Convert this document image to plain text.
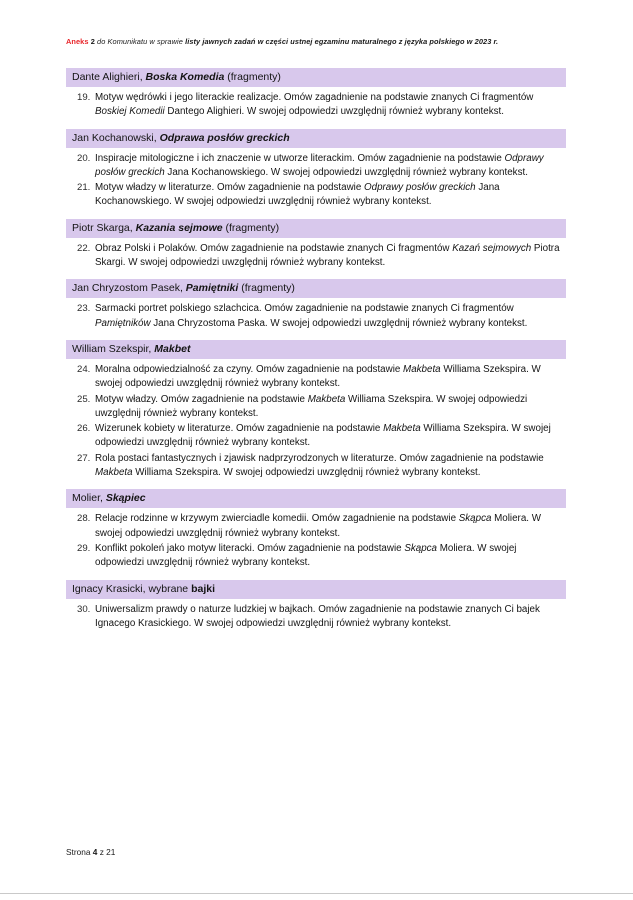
Aneks 2 do Komunikatu w sprawie listy jawnych zadań w części ustnej egzaminu maturalnego z języka polskiego w 2023 r.
Dante Alighieri, Boska Komedia (fragmenty)
19. Motyw wędrówki i jego literackie realizacje. Omów zagadnienie na podstawie znanych Ci fragmentów Boskiej Komedii Dantego Alighieri. W swojej odpowiedzi uwzględnij również wybrany kontekst.
Jan Kochanowski, Odprawa posłów greckich
20. Inspiracje mitologiczne i ich znaczenie w utworze literackim. Omów zagadnienie na podstawie Odprawy posłów greckich Jana Kochanowskiego. W swojej odpowiedzi uwzględnij również wybrany kontekst.
21. Motyw władzy w literaturze. Omów zagadnienie na podstawie Odprawy posłów greckich Jana Kochanowskiego. W swojej odpowiedzi uwzględnij również wybrany kontekst.
Piotr Skarga, Kazania sejmowe (fragmenty)
22. Obraz Polski i Polaków. Omów zagadnienie na podstawie znanych Ci fragmentów Kazań sejmowych Piotra Skargi. W swojej odpowiedzi uwzględnij również wybrany kontekst.
Jan Chryzostom Pasek, Pamiętniki (fragmenty)
23. Sarmacki portret polskiego szlachcica. Omów zagadnienie na podstawie znanych Ci fragmentów Pamiętników Jana Chryzostoma Paska. W swojej odpowiedzi uwzględnij również wybrany kontekst.
William Szekspir, Makbet
24. Moralna odpowiedzialność za czyny. Omów zagadnienie na podstawie Makbeta Williama Szekspira. W swojej odpowiedzi uwzględnij również wybrany kontekst.
25. Motyw władzy. Omów zagadnienie na podstawie Makbeta Williama Szekspira. W swojej odpowiedzi uwzględnij również wybrany kontekst.
26. Wizerunek kobiety w literaturze. Omów zagadnienie na podstawie Makbeta Williama Szekspira. W swojej odpowiedzi uwzględnij również wybrany kontekst.
27. Rola postaci fantastycznych i zjawisk nadprzyrodzonych w literaturze. Omów zagadnienie na podstawie Makbeta Williama Szekspira. W swojej odpowiedzi uwzględnij również wybrany kontekst.
Molier, Skąpiec
28. Relacje rodzinne w krzywym zwierciadle komedii. Omów zagadnienie na podstawie Skąpca Moliera. W swojej odpowiedzi uwzględnij również wybrany kontekst.
29. Konflikt pokoleń jako motyw literacki. Omów zagadnienie na podstawie Skąpca Moliera. W swojej odpowiedzi uwzględnij również wybrany kontekst.
Ignacy Krasicki, wybrane bajki
30. Uniwersalizm prawdy o naturze ludzkiej w bajkach. Omów zagadnienie na podstawie znanych Ci bajek Ignacego Krasickiego. W swojej odpowiedzi uwzględnij również wybrany kontekst.
Strona 4 z 21
